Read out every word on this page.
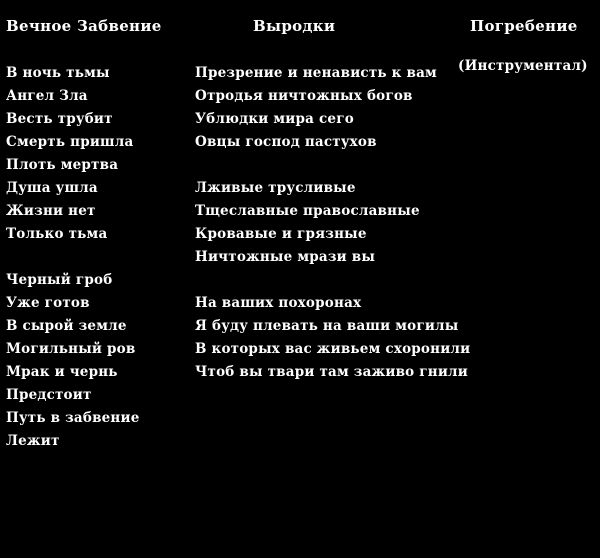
Вечное Забвение
В ночь тьмы
Ангел Зла
Весть трубит
Смерть пришла
Плоть мертва
Душа ушла
Жизни нет
Только тьма
Черный гроб
Уже готов
В сырой земле
Могильный ров
Мрак и чернь
Предстоит
Путь в забвение
Лежит
Выродки
Презрение и ненависть к вам
Отродья ничтожных богов
Ублюдки мира сего
Овцы господ пастухов
Лживые трусливые
Тщеславные православные
Кровавые и грязные
Ничтожные мрази вы
На ваших похоронах
Я буду плевать на ваши могилы
В которых вас живьем схоронили
Чтоб вы твари там заживо гнили
Погребение
(Инструментал)
